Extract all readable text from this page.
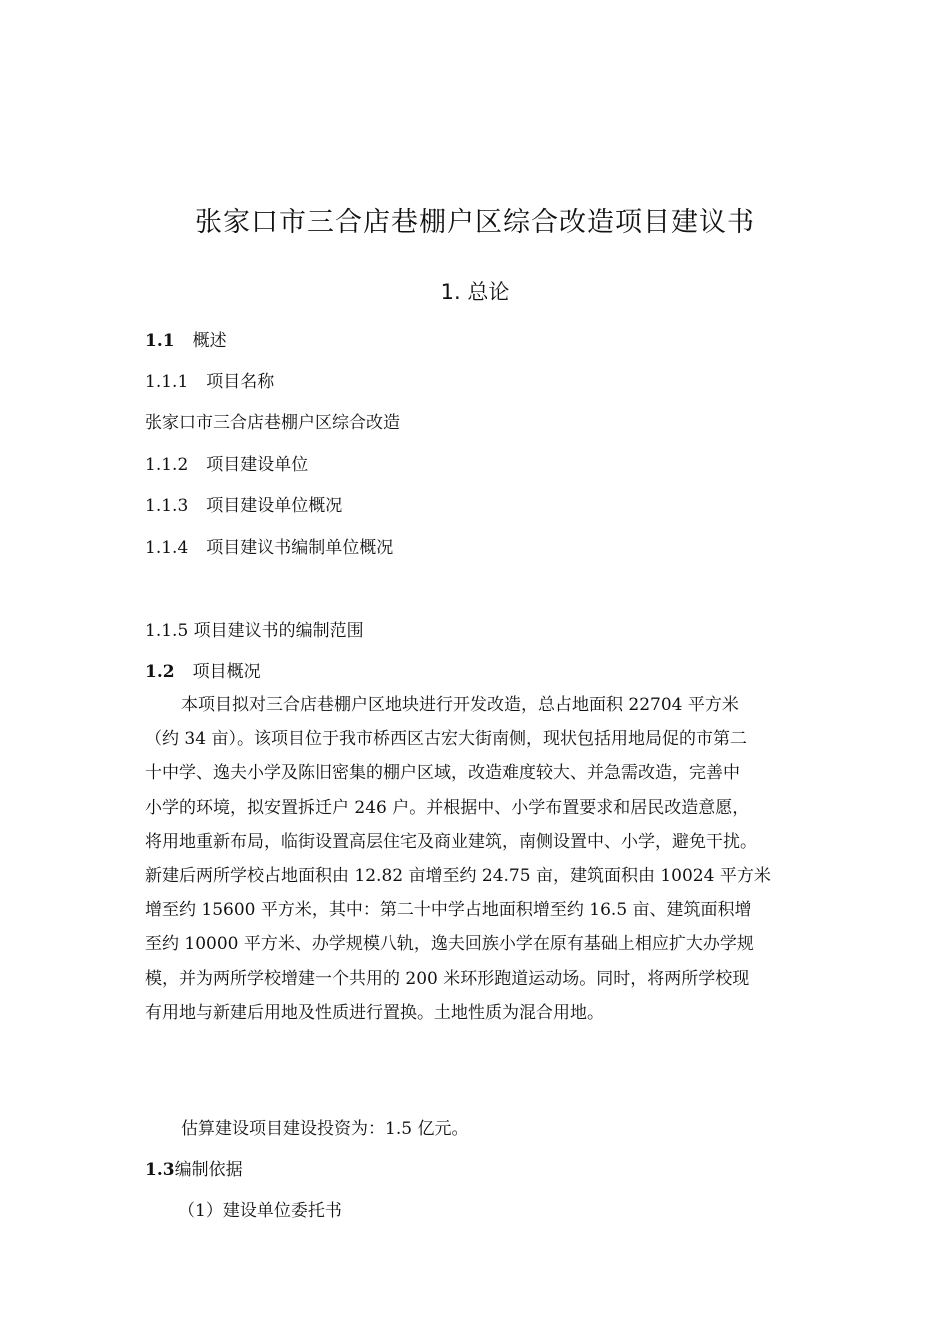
张家口市三合店巷棚户区综合改造项目建议书
1. 总论
1.1 概述
1.1.1 项目名称
张家口市三合店巷棚户区综合改造
1.1.2 项目建设单位
1.1.3 项目建设单位概况
1.1.4 项目建议书编制单位概况
1.1.5 项目建议书的编制范围
1.2 项目概况
本项目拟对三合店巷棚户区地块进行开发改造，总占地面积 22704 平方米
（约 34 亩）。该项目位于我市桥西区古宏大街南侧，现状包括用地局促的市第二
十中学、逸夫小学及陈旧密集的棚户区域，改造难度较大、并急需改造，完善中
小学的环境，拟安置拆迁户 246 户。并根据中、小学布置要求和居民改造意愿，
将用地重新布局，临街设置高层住宅及商业建筑，南侧设置中、小学，避免干扰。
新建后两所学校占地面积由 12.82 亩增至约 24.75 亩，建筑面积由 10024 平方米
增至约 15600 平方米，其中：第二十中学占地面积增至约 16.5 亩、建筑面积增
至约 10000 平方米、办学规模八轨，逸夫回族小学在原有基础上相应扩大办学规
模，并为两所学校增建一个共用的 200 米环形跑道运动场。同时，将两所学校现
有用地与新建后用地及性质进行置换。土地性质为混合用地。
估算建设项目建设投资为：1.5 亿元。
1.3编制依据
（1）建设单位委托书
